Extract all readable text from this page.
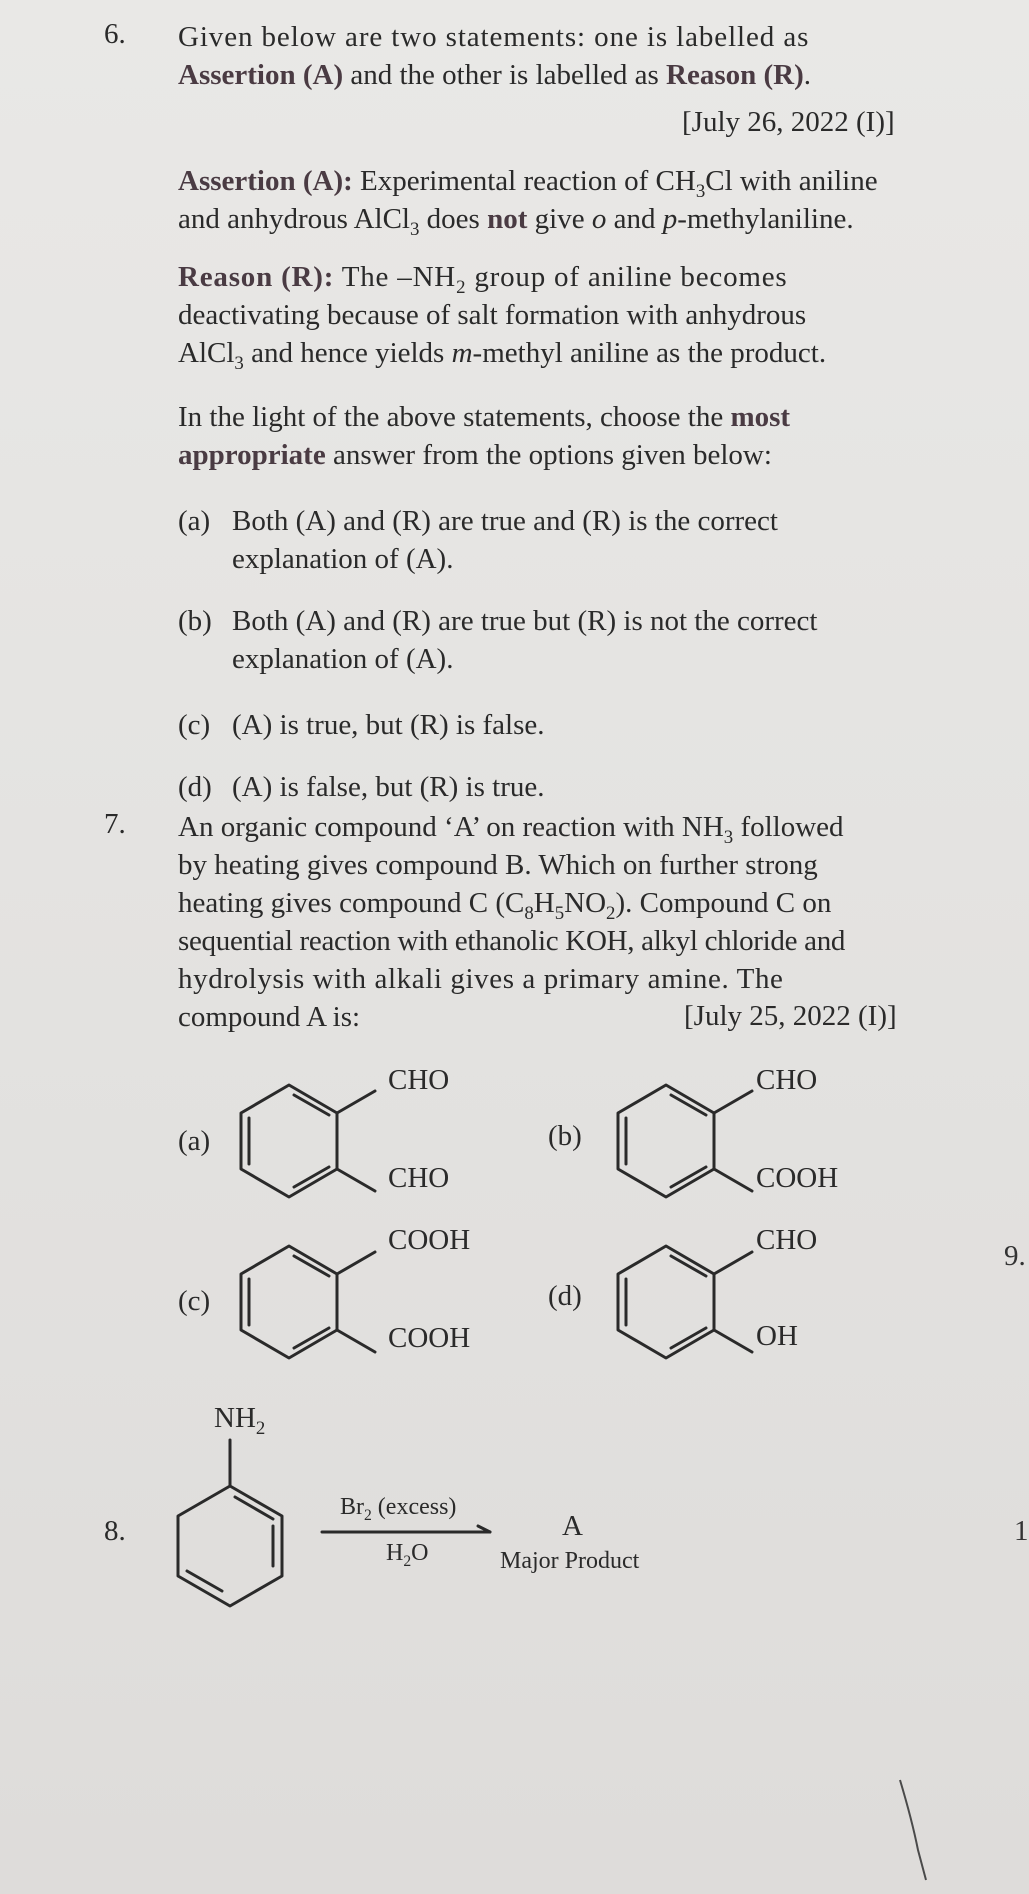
6. Given below are two statements: one is labelled as
Assertion (A) and the other is labelled as Reason (R).
[July 26, 2022 (I)]
Assertion (A): Experimental reaction of $CH_3Cl$ with aniline
and anhydrous AlCl$_3$ does not give o and p-methylaniline.
Reason (R): The $-NH_2$ group of aniline becomes
deactivating because of salt formation with anhydrous
AlCl$_3$ and hence yields m-methyl aniline as the product.
In the light of the above statements, choose the most
appropriate answer from the options given below:
(a) Both (A) and (R) are true and (R) is the correct
explanation of (A).
(b) Both (A) and (R) are true but (R) is not the correct
explanation of (A).
(c) (A) is true, but (R) is false.
(d) (A) is false, but (R) is true.
7. An organic compound ‘A’ on reaction with $NH_3$ followed
by heating gives compound B. Which on further strong
heating gives compound C $(C_8H_5NO_2)$. Compound C on
sequential reaction with ethanolic KOH, alkyl chloride and
hydrolysis with alkali gives a primary amine. The
compound A is:	[July 25, 2022 (I)]
(a)	(b)
(c)	(d)
CHO
CHO
CHO
COOH
COOH
COOH
CHO
OH
8.
$NH_2$
$Br_2$ (excess)
$H_2O$
A
Major Product
9.
1
